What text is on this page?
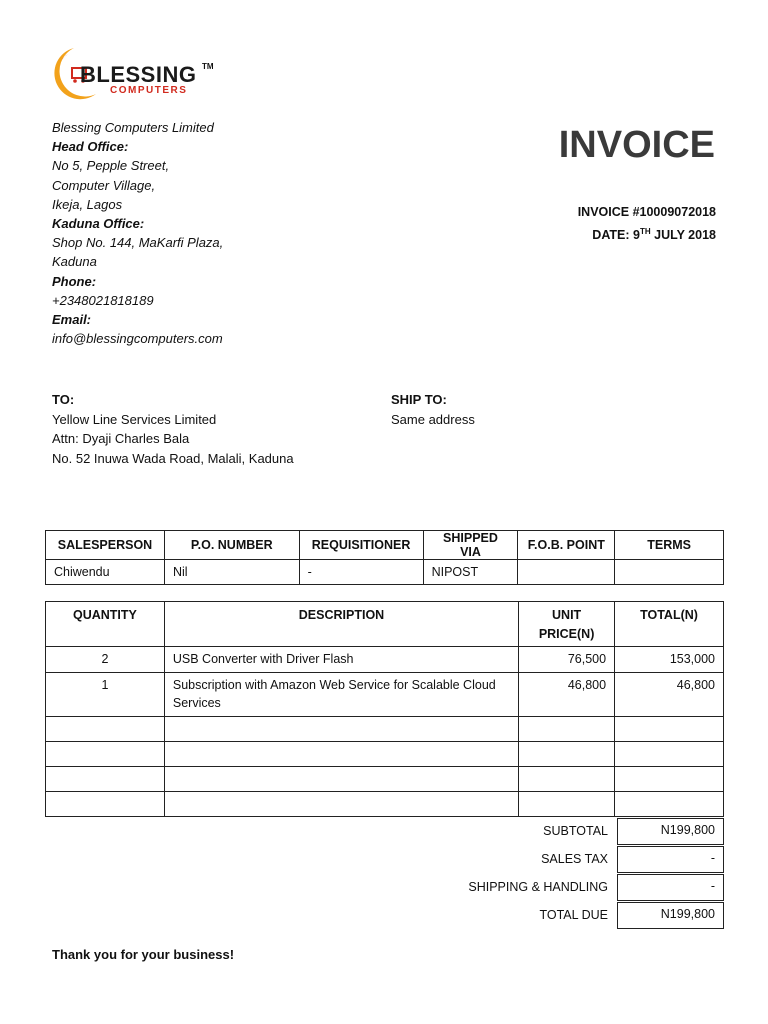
BLESSING TM
COMPUTERS
Blessing Computers Limited
Head Office:
No 5, Pepple Street,
Computer Village,
Ikeja, Lagos
Kaduna Office:
Shop No. 144, MaKarfi Plaza,
Kaduna
Phone:
+2348021818189
Email:
info@blessingcomputers.com
INVOICE
INVOICE #10009072018
DATE: 9TH JULY 2018
TO:
Yellow Line Services Limited
Attn: Dyaji Charles Bala
No. 52 Inuwa Wada Road, Malali, Kaduna
SHIP TO:
Same address
SALESPERSON	P.O. NUMBER	REQUISITIONER	SHIPPED VIA	F.O.B. POINT	TERMS
Chiwendu	Nil	-	NIPOST		
QUANTITY	DESCRIPTION	UNIT PRICE(N)	TOTAL(N)
2	USB Converter with Driver Flash	76,500	153,000
1	Subscription with Amazon Web Service for Scalable Cloud Services	46,800	46,800

SUBTOTAL	N199,800
SALES TAX	-
SHIPPING & HANDLING	-
TOTAL DUE	N199,800
Thank you for your business!
